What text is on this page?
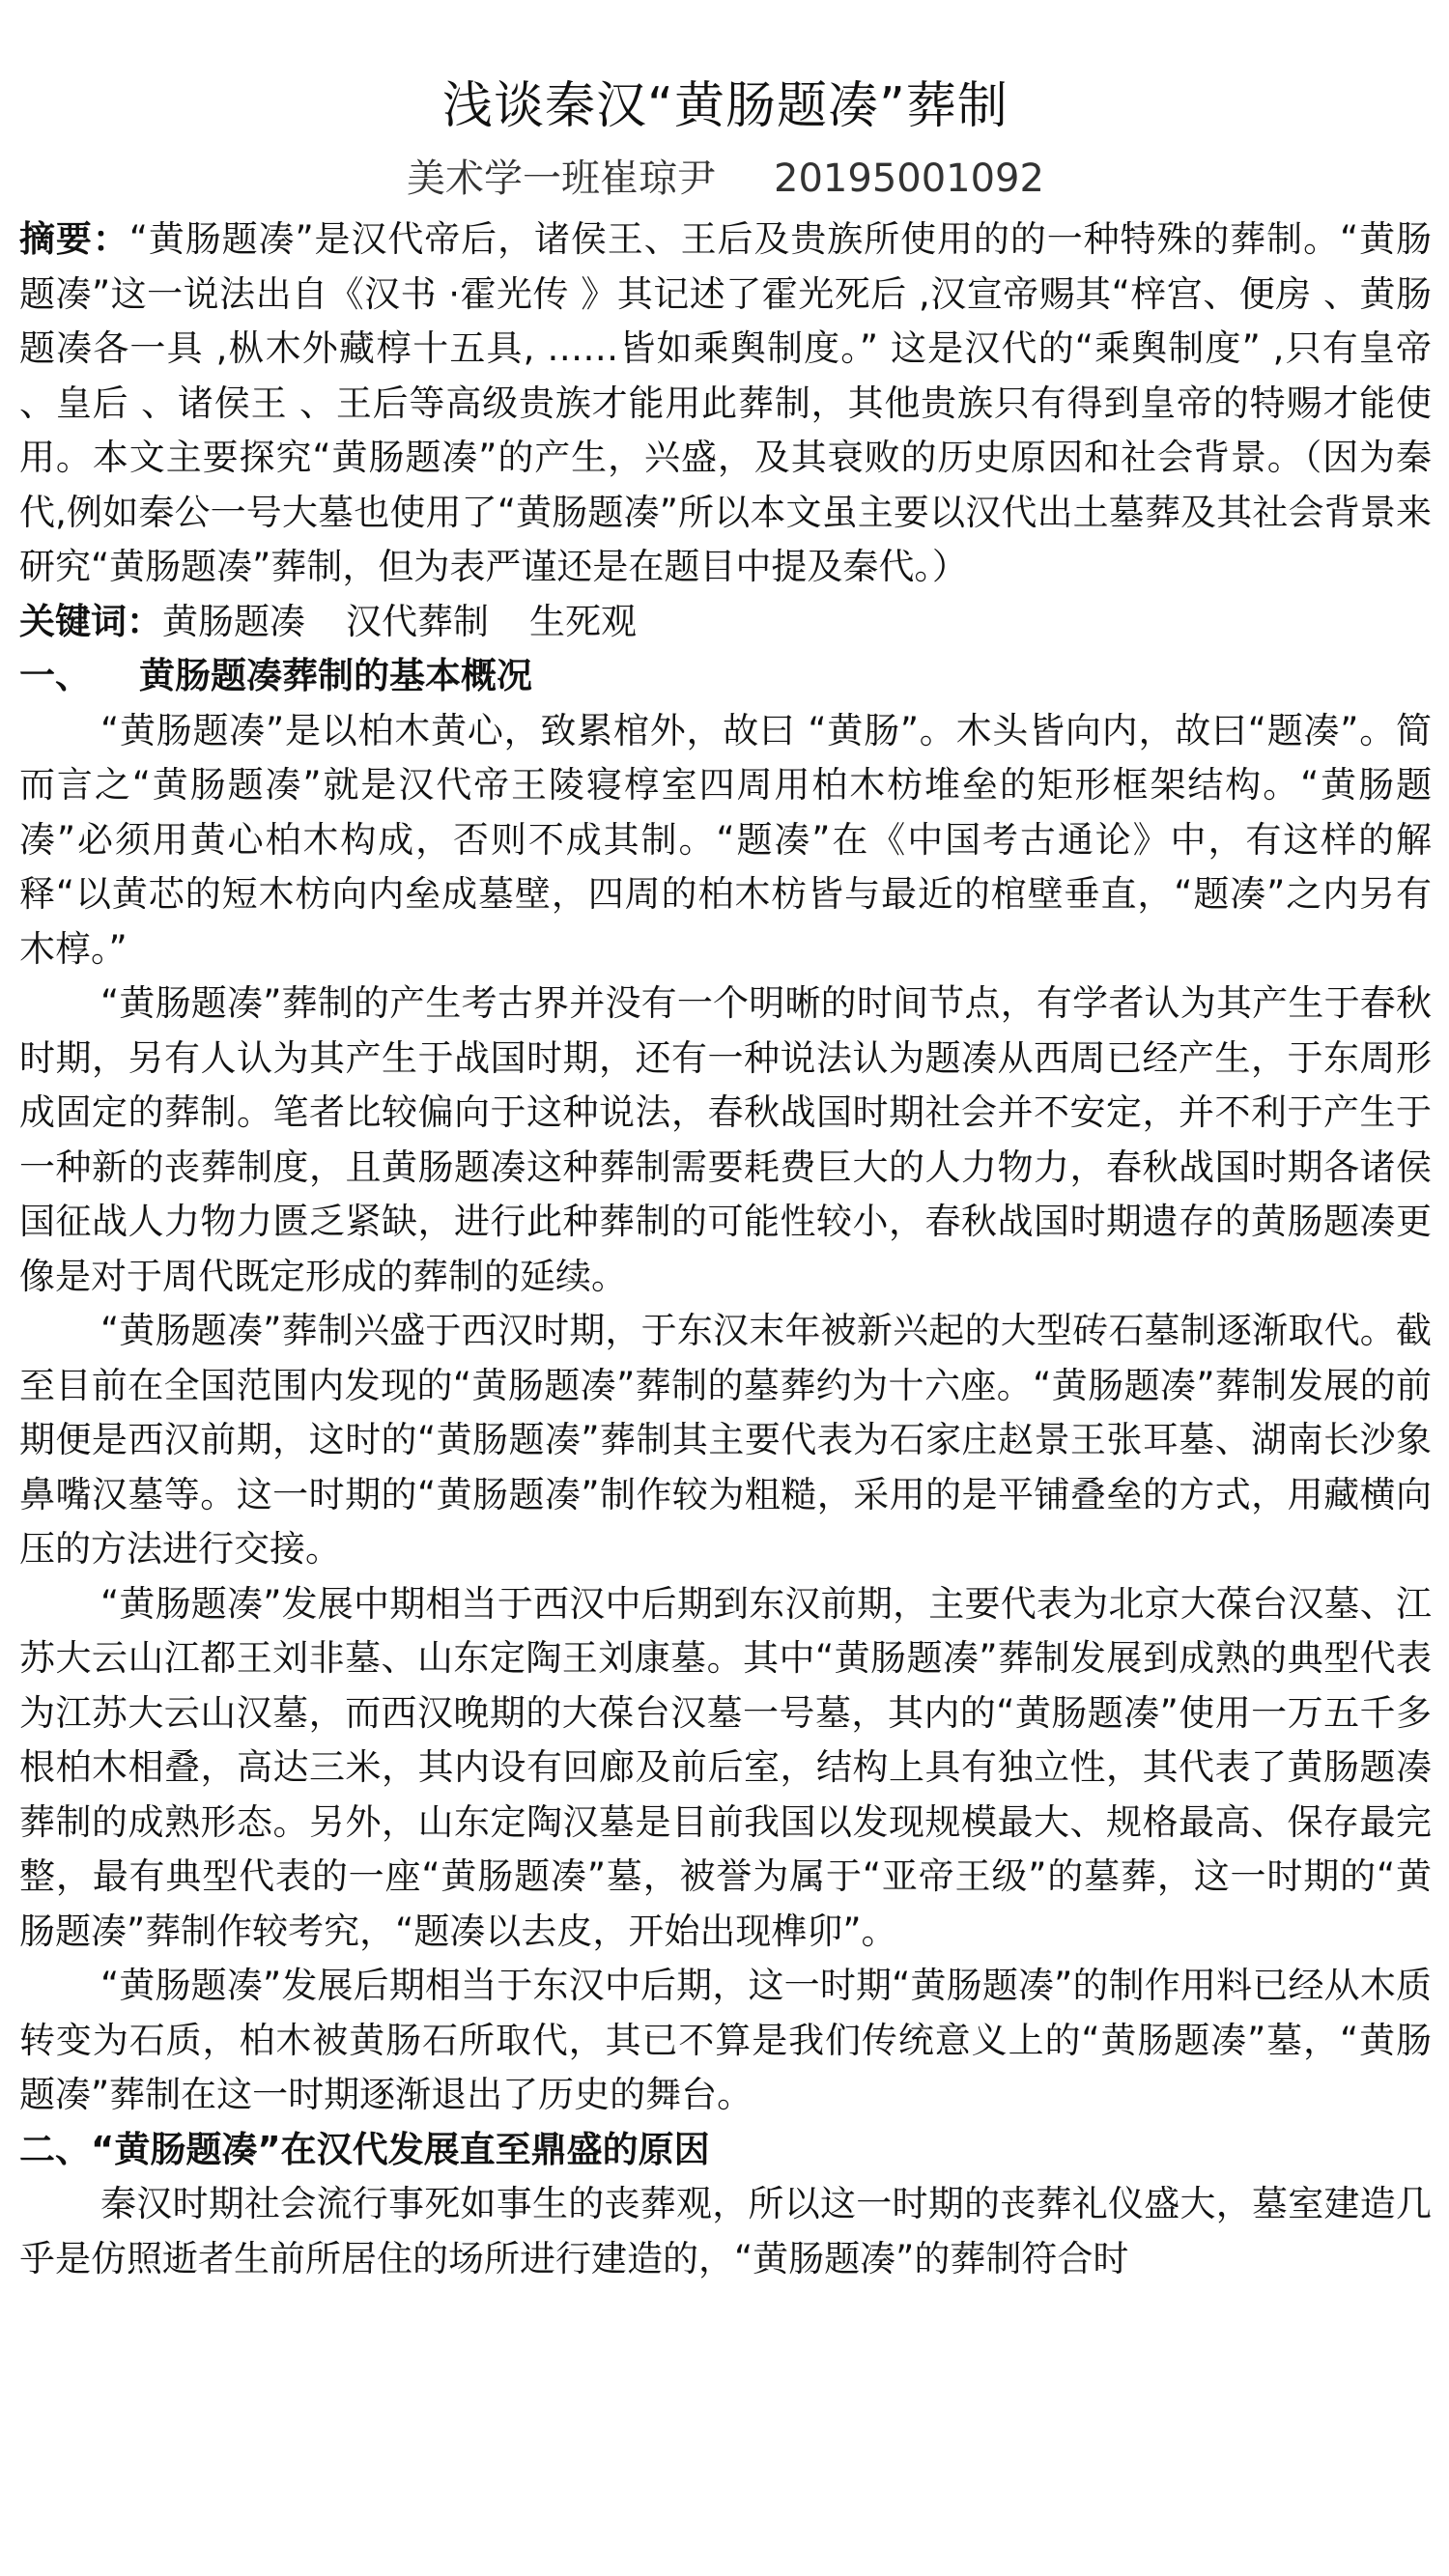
浅谈秦汉“黄肠题凑”葬制
美术学一班崔琼尹 20195001092

摘要：“黄肠题凑”是汉代帝后，诸侯王、王后及贵族所使用的的一种特殊的葬制。“黄肠题凑”这一说法出自《汉书 ·霍光传 》其记述了霍光死后 ,汉宣帝赐其“梓宫、便房 、黄肠题凑各一具 ,枞木外藏椁十五具, ……皆如乘舆制度。” 这是汉代的“乘舆制度” ,只有皇帝 、皇后 、诸侯王 、王后等高级贵族才能用此葬制，其他贵族只有得到皇帝的特赐才能使用。本文主要探究“黄肠题凑”的产生，兴盛，及其衰败的历史原因和社会背景。（因为秦代,例如秦公一号大墓也使用了“黄肠题凑”所以本文虽主要以汉代出土墓葬及其社会背景来研究“黄肠题凑”葬制，但为表严谨还是在题目中提及秦代。）

关键词：黄肠题凑 汉代葬制 生死观

一、 黄肠题凑葬制的基本概况

“黄肠题凑”是以柏木黄心，致累棺外，故曰 “黄肠”。木头皆向内，故曰“题凑”。简而言之“黄肠题凑”就是汉代帝王陵寝椁室四周用柏木枋堆垒的矩形框架结构。“黄肠题凑”必须用黄心柏木构成，否则不成其制。“题凑”在《中国考古通论》中，有这样的解释“以黄芯的短木枋向内垒成墓壁，四周的柏木枋皆与最近的棺壁垂直，“题凑”之内另有木椁。”

“黄肠题凑”葬制的产生考古界并没有一个明晰的时间节点，有学者认为其产生于春秋时期，另有人认为其产生于战国时期，还有一种说法认为题凑从西周已经产生，于东周形成固定的葬制。笔者比较偏向于这种说法，春秋战国时期社会并不安定，并不利于产生于一种新的丧葬制度，且黄肠题凑这种葬制需要耗费巨大的人力物力，春秋战国时期各诸侯国征战人力物力匮乏紧缺，进行此种葬制的可能性较小，春秋战国时期遗存的黄肠题凑更像是对于周代既定形成的葬制的延续。

“黄肠题凑”葬制兴盛于西汉时期，于东汉末年被新兴起的大型砖石墓制逐渐取代。截至目前在全国范围内发现的“黄肠题凑”葬制的墓葬约为十六座。“黄肠题凑”葬制发展的前期便是西汉前期，这时的“黄肠题凑”葬制其主要代表为石家庄赵景王张耳墓、湖南长沙象鼻嘴汉墓等。这一时期的“黄肠题凑”制作较为粗糙，采用的是平铺叠垒的方式，用藏横向压的方法进行交接。

“黄肠题凑”发展中期相当于西汉中后期到东汉前期，主要代表为北京大葆台汉墓、江苏大云山江都王刘非墓、山东定陶王刘康墓。其中“黄肠题凑”葬制发展到成熟的典型代表为江苏大云山汉墓，而西汉晚期的大葆台汉墓一号墓，其内的“黄肠题凑”使用一万五千多根柏木相叠，高达三米，其内设有回廊及前后室，结构上具有独立性，其代表了黄肠题凑葬制的成熟形态。另外，山东定陶汉墓是目前我国以发现规模最大、规格最高、保存最完整，最有典型代表的一座“黄肠题凑”墓，被誉为属于“亚帝王级”的墓葬，这一时期的“黄肠题凑”葬制作较考究，“题凑以去皮，开始出现榫卯”。

“黄肠题凑”发展后期相当于东汉中后期，这一时期“黄肠题凑”的制作用料已经从木质转变为石质，柏木被黄肠石所取代，其已不算是我们传统意义上的“黄肠题凑”墓，“黄肠题凑”葬制在这一时期逐渐退出了历史的舞台。

二、“黄肠题凑”在汉代发展直至鼎盛的原因

秦汉时期社会流行事死如事生的丧葬观，所以这一时期的丧葬礼仪盛大，墓室建造几乎是仿照逝者生前所居住的场所进行建造的，“黄肠题凑”的葬制符合时
